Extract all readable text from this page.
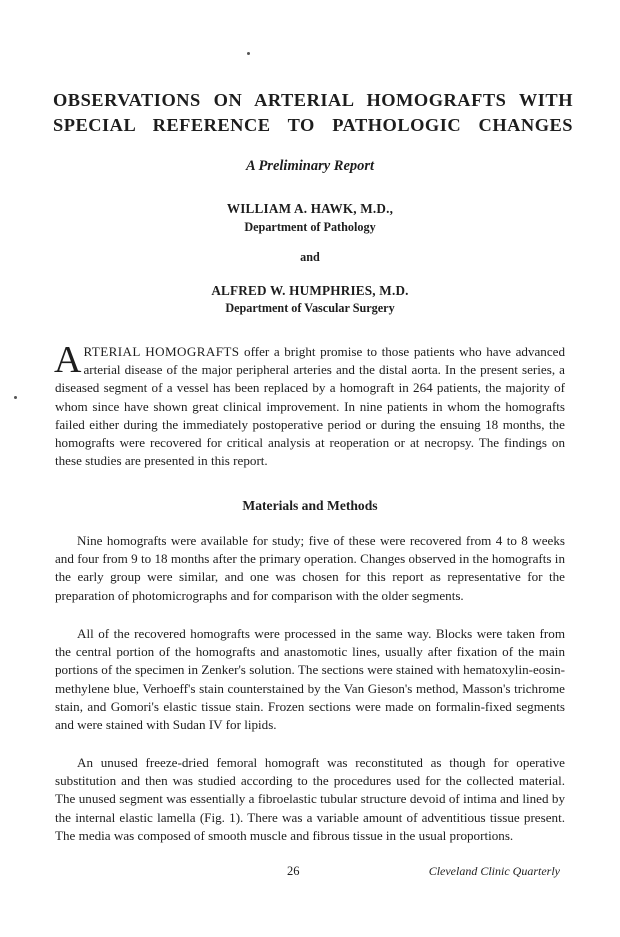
OBSERVATIONS ON ARTERIAL HOMOGRAFTS WITH
SPECIAL REFERENCE TO PATHOLOGIC CHANGES

A Preliminary Report

WILLIAM A. HAWK, M.D.,

Department of Pathology

and

ALFRED W. HUMPHRIES, M.D.

Department of Vascular Surgery

ARTERIAL HOMOGRAFTS offer a bright promise to those patients who have advanced arterial disease of the major peripheral arteries and the distal aorta. In the present series, a diseased segment of a vessel has been replaced by a homograft in 264 patients, the majority of whom since have shown great clinical improvement. In nine patients in whom the homografts failed either during the immediately postoperative period or during the ensuing 18 months, the homografts were recovered for critical analysis at reoperation or at necropsy. The findings on these studies are presented in this report.

Materials and Methods

Nine homografts were available for study; five of these were recovered from 4 to 8 weeks and four from 9 to 18 months after the primary operation. Changes observed in the homografts in the early group were similar, and one was chosen for this report as representative for the preparation of photomicrographs and for comparison with the older segments.

All of the recovered homografts were processed in the same way. Blocks were taken from the central portion of the homografts and anastomotic lines, usually after fixation of the main portions of the specimen in Zenker's solution. The sections were stained with hematoxylin-eosin-methylene blue, Verhoeff's stain counterstained by the Van Gieson's method, Masson's trichrome stain, and Gomori's elastic tissue stain. Frozen sections were made on formalin-fixed segments and were stained with Sudan IV for lipids.

An unused freeze-dried femoral homograft was reconstituted as though for operative substitution and then was studied according to the procedures used for the collected material. The unused segment was essentially a fibroelastic tubular structure devoid of intima and lined by the internal elastic lamella (Fig. 1). There was a variable amount of adventitious tissue present. The media was composed of smooth muscle and fibrous tissue in the usual proportions.

26	Cleveland Clinic Quarterly
